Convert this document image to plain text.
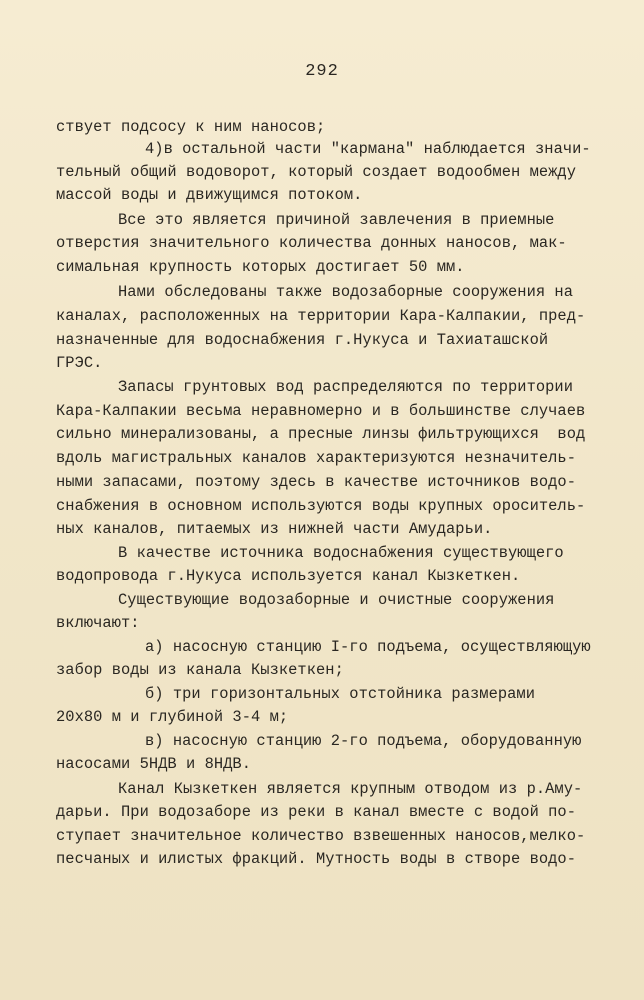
292
ствует подсосу к ним наносов;
4)в остальной части "кармана" наблюдается значи-
тельный общий водоворот, который создает водообмен между
массой воды и движущимся потоком.
Все это является причиной завлечения в приемные
отверстия значительного количества донных наносов, мак-
симальная крупность которых достигает 50 мм.
Нами обследованы также водозаборные сооружения на
каналах, расположенных на территории Кара-Калпакии, пред-
назначенные для водоснабжения г.Нукуса и Тахиаташской
ГРЭС.
Запасы грунтовых вод распределяются по территории
Кара-Калпакии весьма неравномерно и в большинстве случаев
сильно минерализованы, а пресные линзы фильтрующихся  вод
вдоль магистральных каналов характеризуются незначитель-
ными запасами, поэтому здесь в качестве источников водо-
снабжения в основном используются воды крупных ороситель-
ных каналов, питаемых из нижней части Амударьи.
В качестве источника водоснабжения существующего
водопровода г.Нукуса используется канал Кызкеткен.
Существующие водозаборные и очистные сооружения
включают:
а) насосную станцию I-го подъема, осуществляющую
забор воды из канала Кызкеткен;
б) три горизонтальных отстойника размерами
20х80 м и глубиной 3-4 м;
в) насосную станцию 2-го подъема, оборудованную
насосами 5НДВ и 8НДВ.
Канал Кызкеткен является крупным отводом из р.Аму-
дарьи. При водозаборе из реки в канал вместе с водой по-
ступает значительное количество взвешенных наносов,мелко-
песчаных и илистых фракций. Мутность воды в створе водо-
